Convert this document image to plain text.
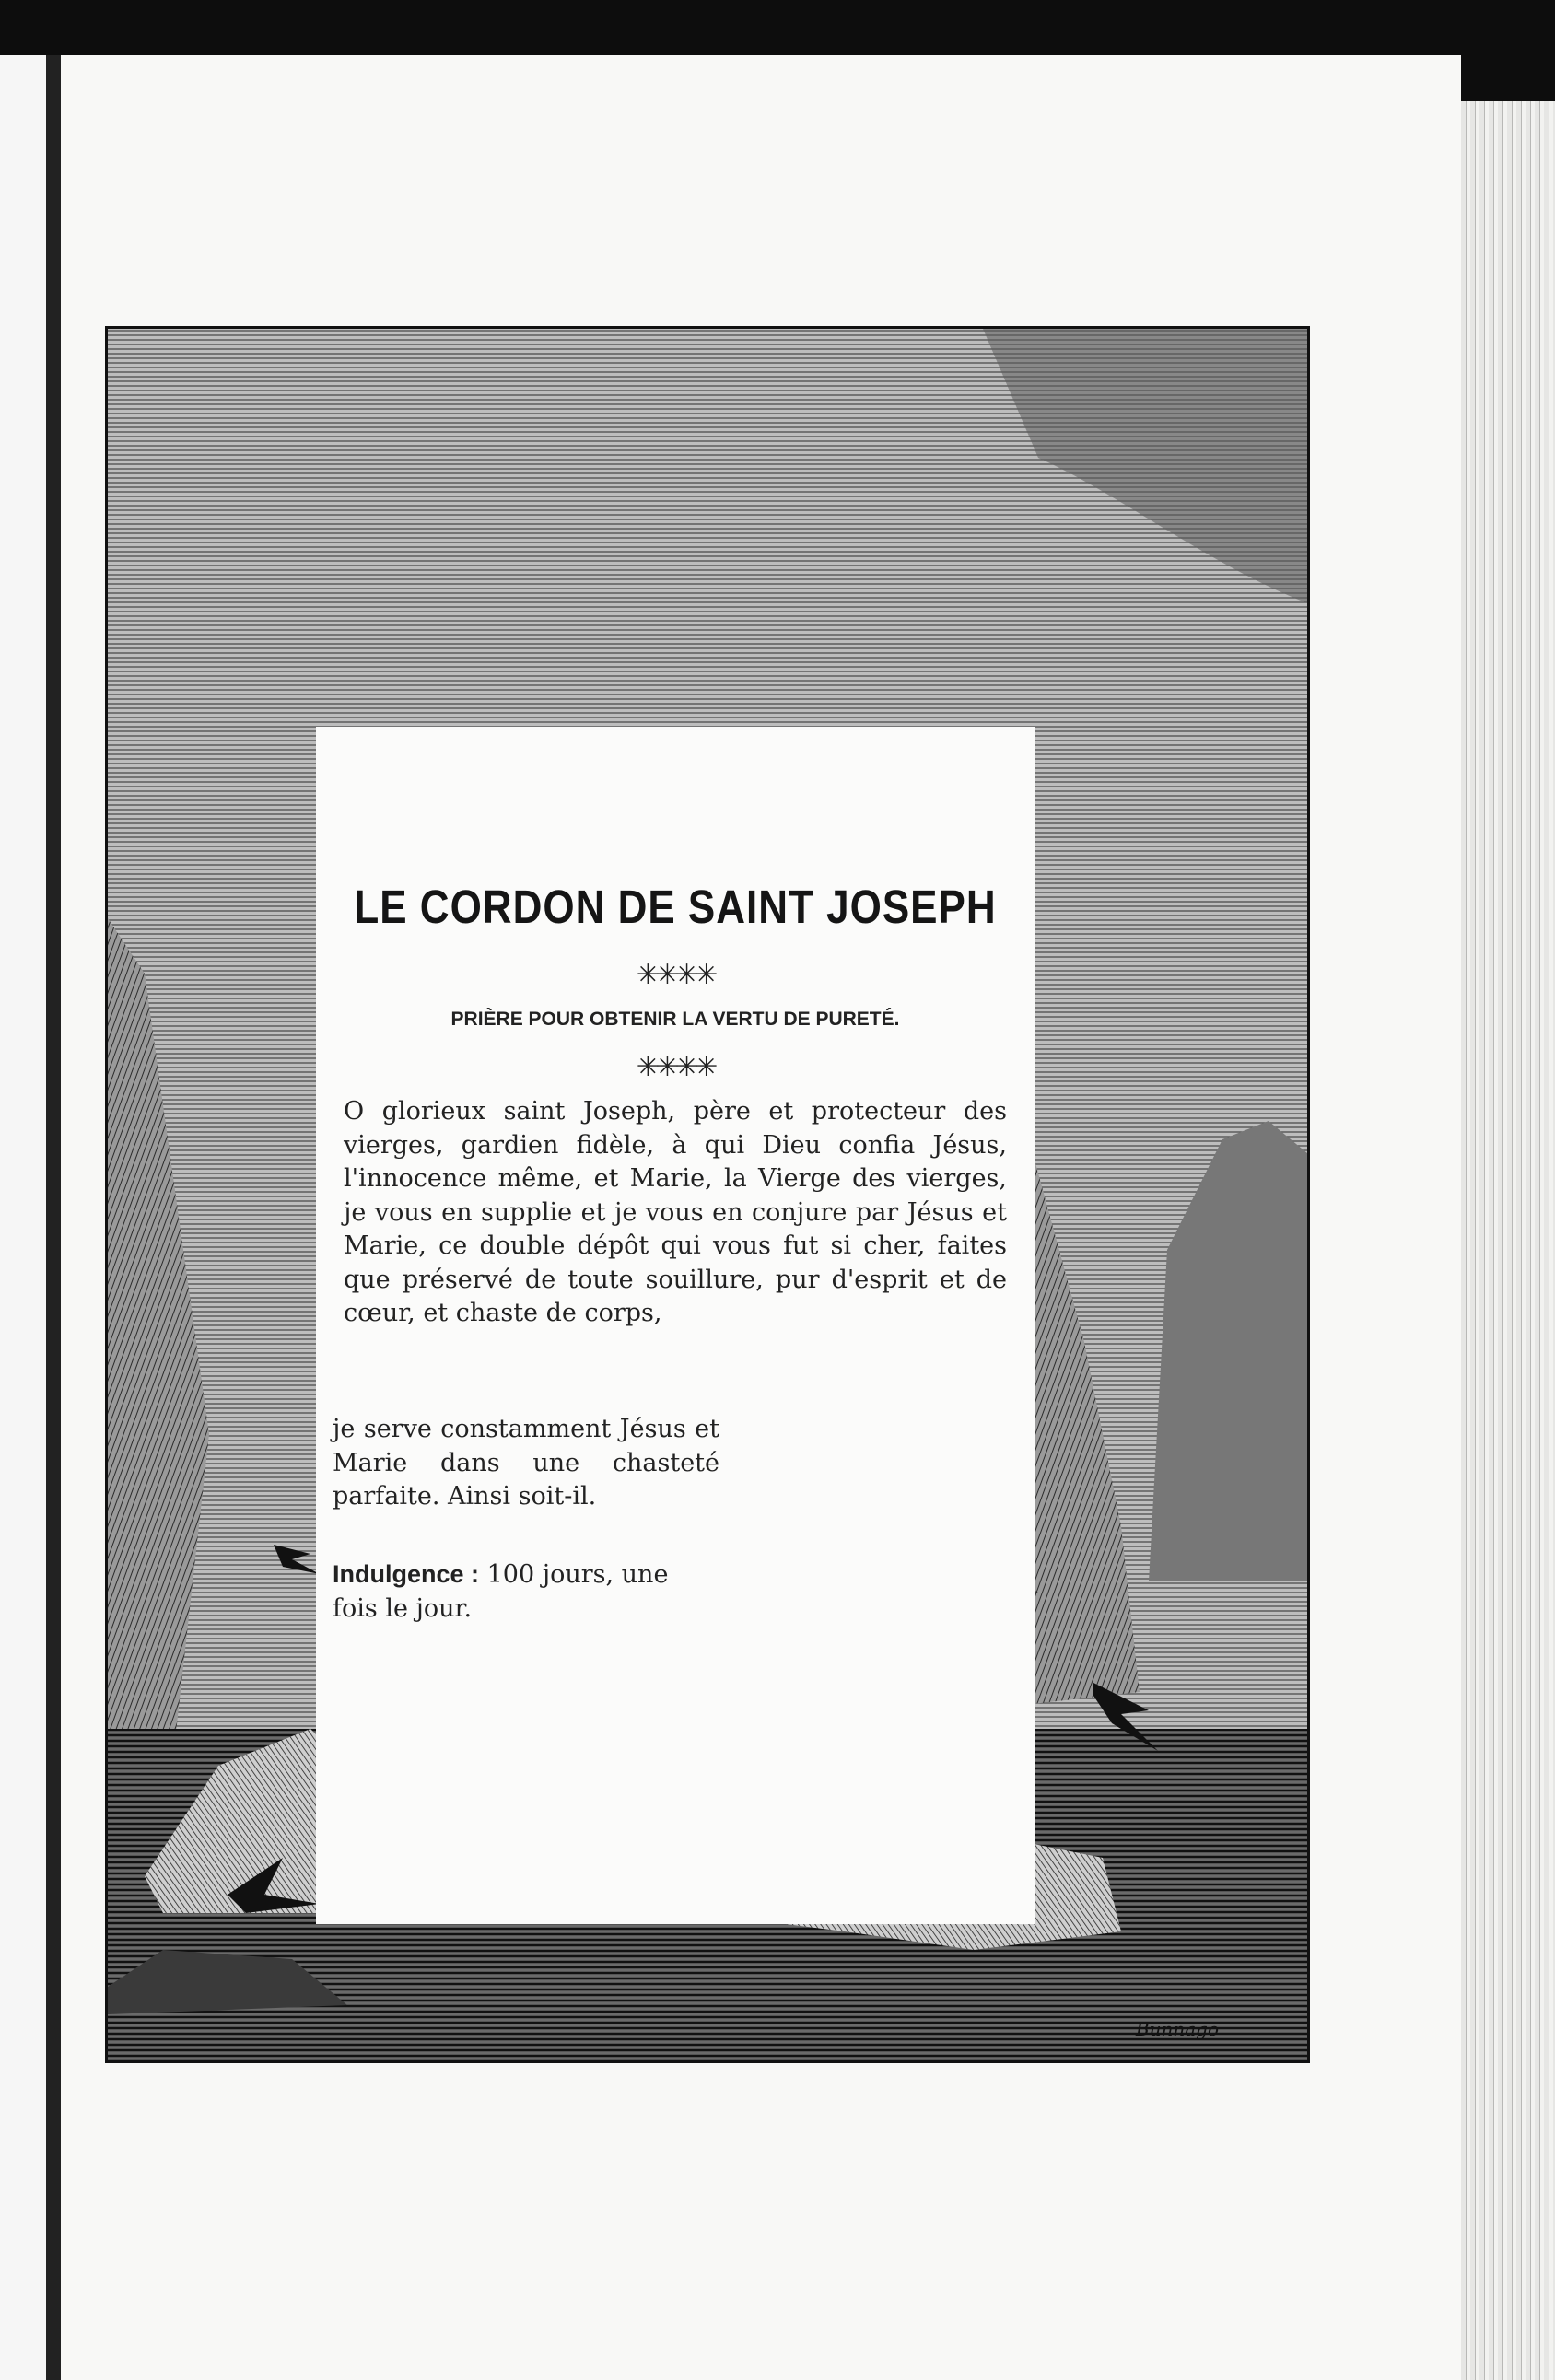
LE CORDON DE SAINT JOSEPH
✳✳✳✳
PRIÈRE POUR OBTENIR LA VERTU DE PURETÉ.
✳✳✳✳
O glorieux saint Joseph, père et protecteur des vierges, gardien fidèle, à qui Dieu confia Jésus, l'innocence même, et Marie, la Vierge des vierges, je vous en supplie et je vous en conjure par Jésus et Marie, ce double dépôt qui vous fut si cher, faites que préservé de toute souillure, pur d'esprit et de cœur, et chaste de corps,
je serve constamment Jésus et Marie dans une chasteté parfaite. Ainsi soit-il.
Indulgence : 100 jours, une fois le jour.
Bunnago
